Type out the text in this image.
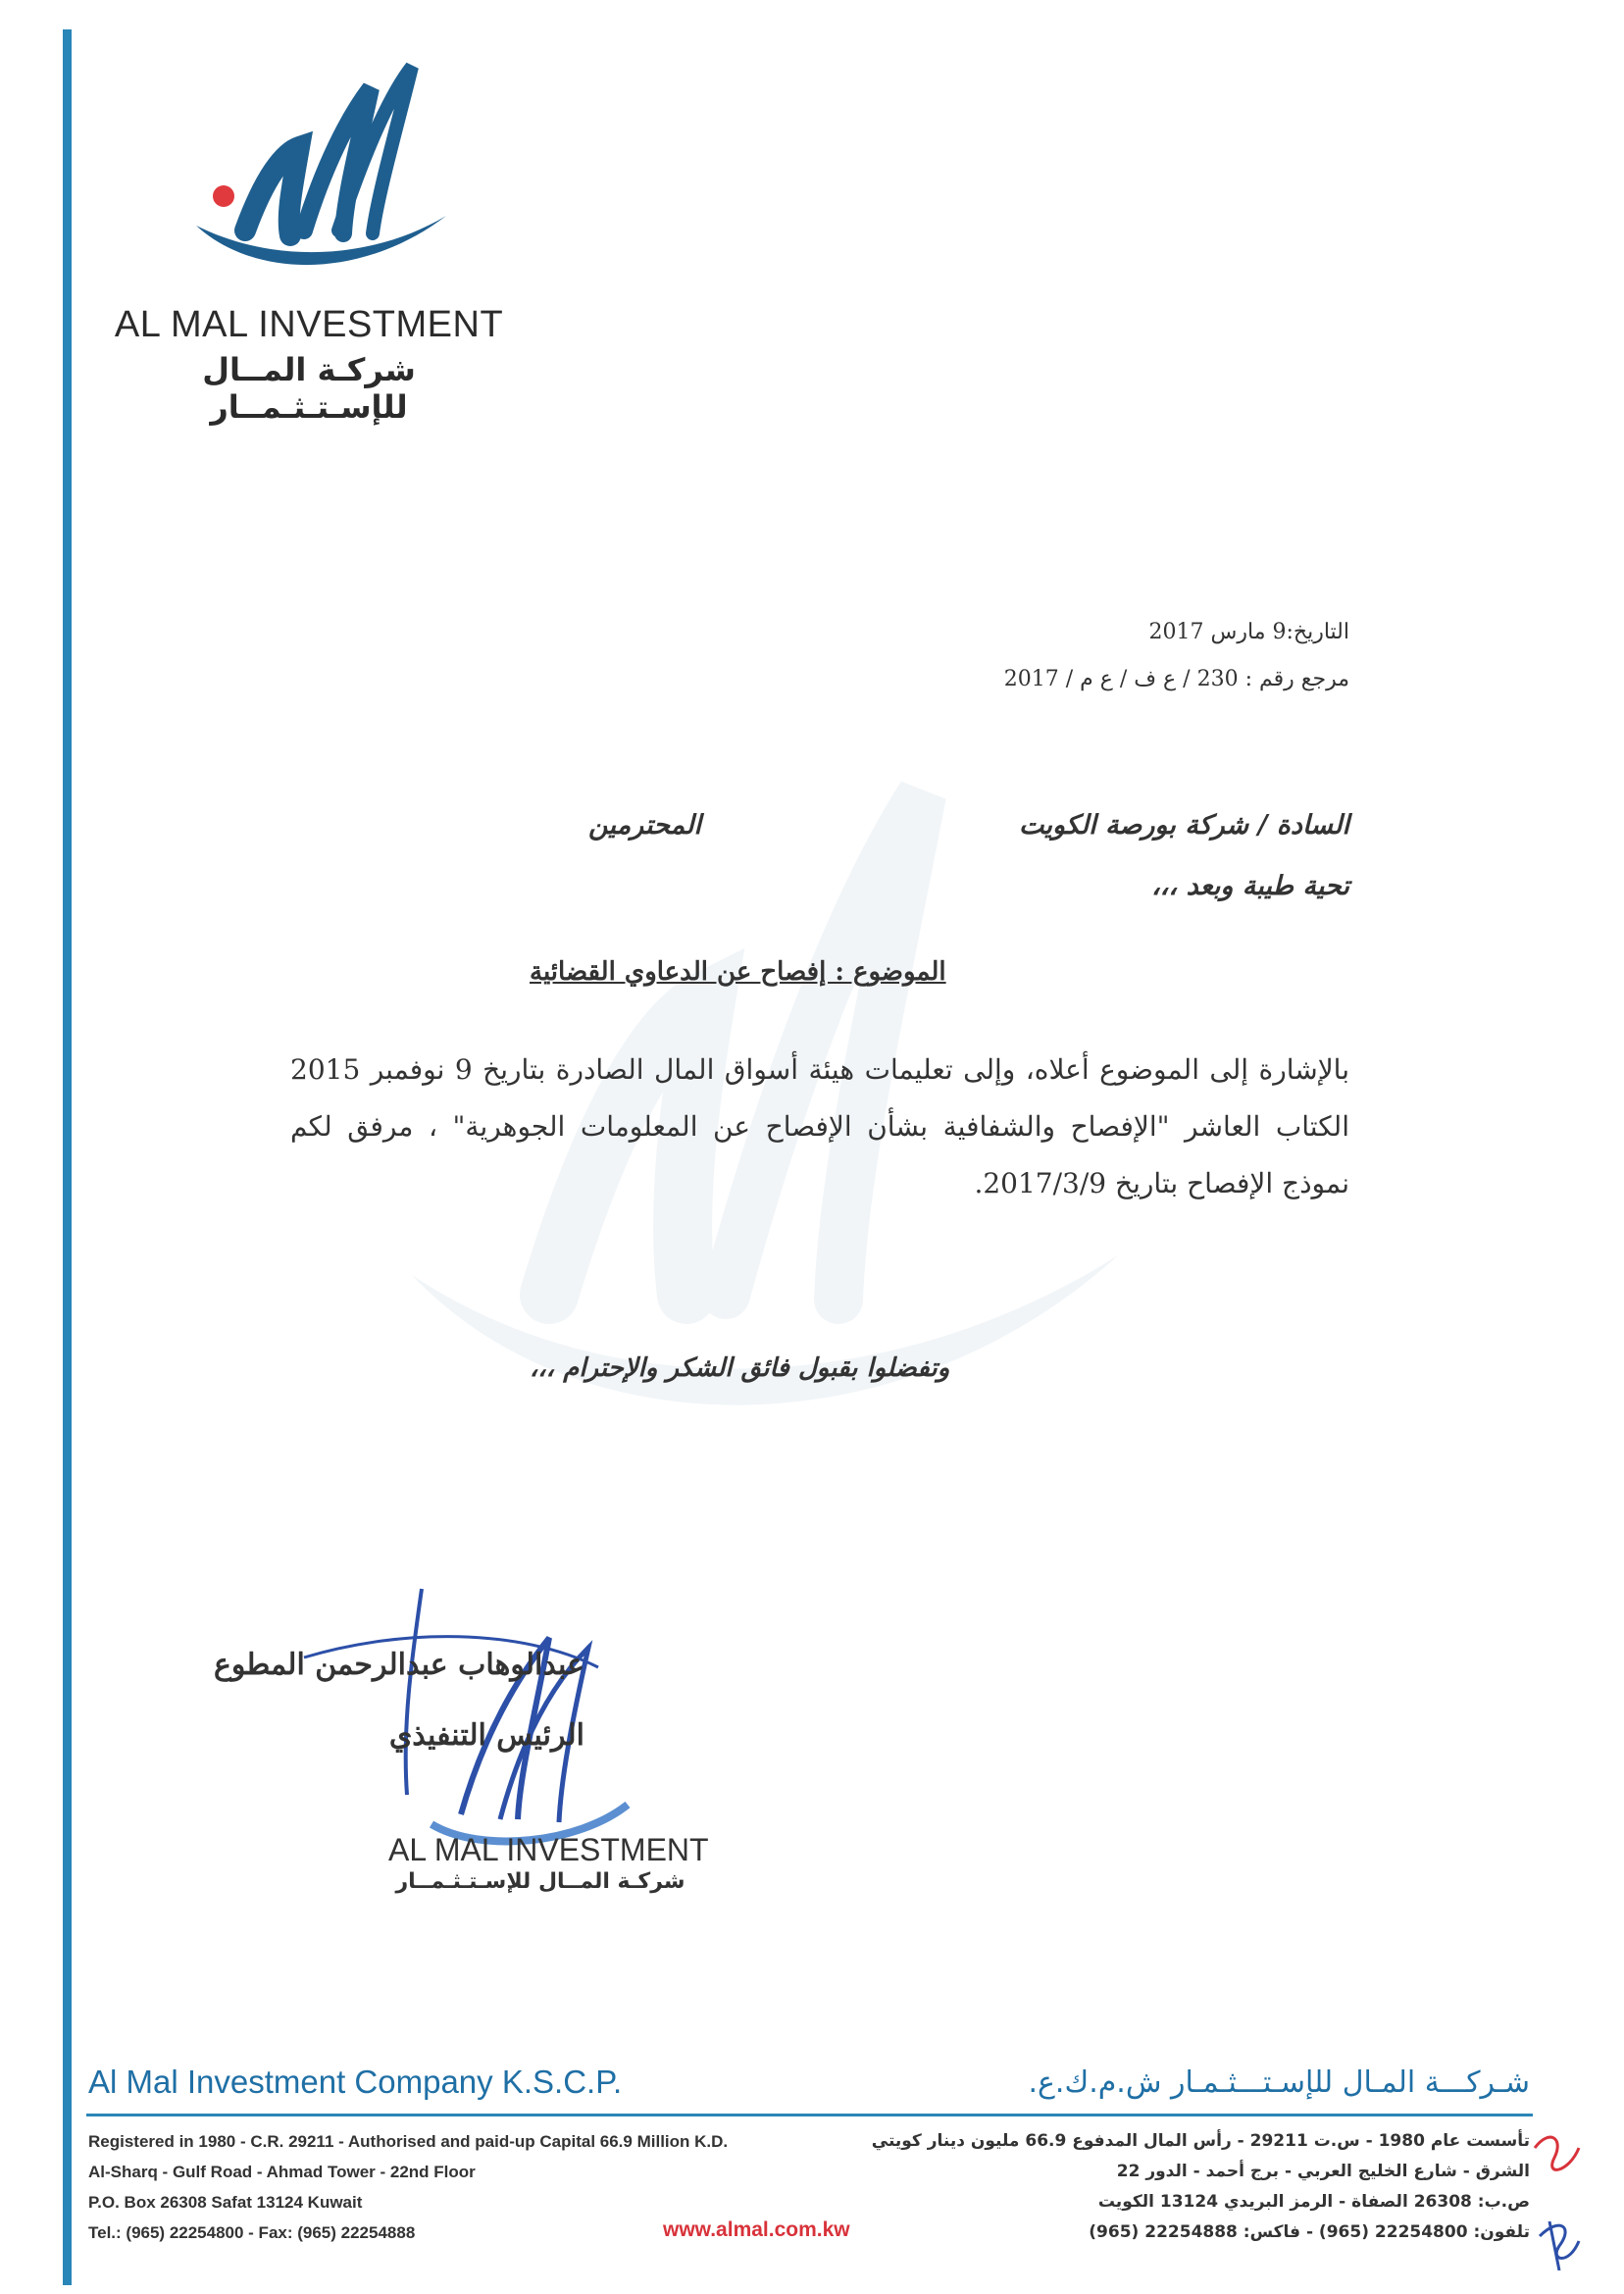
AL MAL INVESTMENT
شركـة المــال للإسـتـثـمــار
التاريخ:9 مارس 2017
مرجع رقم : 230 / ع ف / ع م / 2017
السادة / شركة بورصة الكويت
المحترمين
تحية طيبة وبعد ،،،
الموضوع : إفصاح عن الدعاوي القضائية
بالإشارة إلى الموضوع أعلاه، وإلى تعليمات هيئة أسواق المال الصادرة بتاريخ 9 نوفمبر 2015 الكتاب العاشر "الإفصاح والشفافية بشأن الإفصاح عن المعلومات الجوهرية" ، مرفق لكم نموذج الإفصاح بتاريخ 2017/3/9.
وتفضلوا بقبول فائق الشكر والإحترام ،،،
عبدالوهاب عبدالرحمن المطوع
الرئيس التنفيذي
AL MAL INVESTMENT
شركـة المــال للإسـتـثـمــار
Al Mal Investment Company K.S.C.P.	شـركـــة المـال للإسـتـــثـمـار ش.م.ك.ع.
Registered in 1980 - C.R. 29211 - Authorised and paid-up Capital 66.9 Million K.D.
Al-Sharq - Gulf Road - Ahmad Tower - 22nd Floor
P.O. Box 26308 Safat 13124 Kuwait
Tel.: (965) 22254800 - Fax: (965) 22254888
تأسست عام 1980 - س.ت 29211 - رأس المال المدفوع 66.9 مليون دينار كويتي
الشرق - شارع الخليج العربي - برج أحمد - الدور 22
ص.ب: 26308 الصفاة - الرمز البريدي 13124 الكويت
تلفون: 22254800 (965) - فاكس: 22254888 (965)
www.almal.com.kw
